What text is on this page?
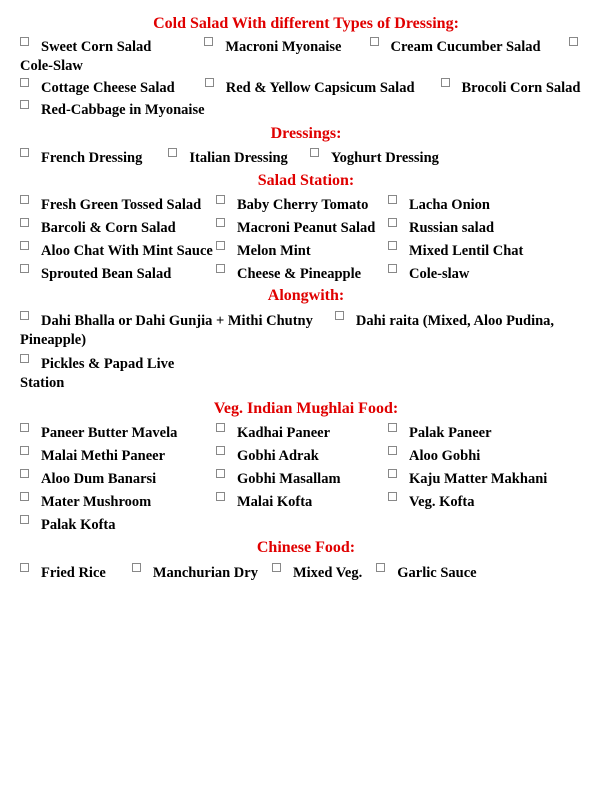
Cold Salad With different Types of Dressing:

Sweet Corn Salad	Macroni Myonaise	Cream Cucumber SaladCole-Slaw

Cottage Cheese Salad	Red & Yellow Capsicum Salad	Brocoli Corn Salad

Red-Cabbage in Myonaise

Dressings:

French Dressing	Italian Dressing	Yoghurt Dressing

Salad Station:
Fresh Green Tossed Salad	Baby Cherry Tomato	Lacha Onion
Barcoli & Corn Salad	Macroni Peanut Salad	Russian salad
Aloo Chat With Mint Sauce	Melon Mint	Mixed Lentil Chat
Sprouted Bean Salad	Cheese & Pineapple	Cole-slaw
Alongwith:

Dahi Bhalla or Dahi Gunjia + Mithi Chutny	Dahi raita (Mixed, Aloo Pudina, Pineapple)

Pickles & Papad Live Station

Veg. Indian Mughlai Food:
Paneer Butter Mavela	Kadhai Paneer	Palak Paneer
Malai Methi Paneer	Gobhi Adrak	Aloo Gobhi
Aloo Dum Banarsi	Gobhi Masallam	Kaju Matter Makhani
Mater Mushroom	Malai Kofta	Veg. Kofta
Palak Kofta		
Chinese Food:

Fried Rice	Manchurian Dry Mixed Veg. Garlic Sauce
